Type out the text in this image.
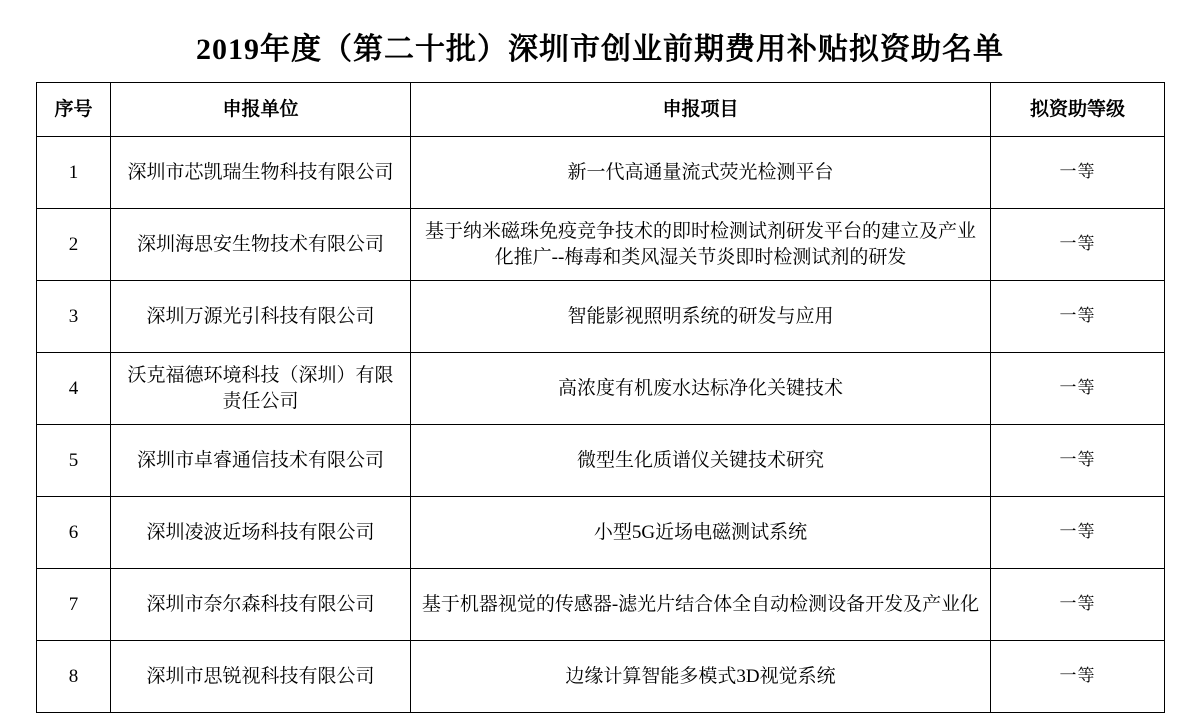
2019年度（第二十批）深圳市创业前期费用补贴拟资助名单
序号	申报单位	申报项目	拟资助等级
1	深圳市芯凯瑞生物科技有限公司	新一代高通量流式荧光检测平台	一等
2	深圳海思安生物技术有限公司	基于纳米磁珠免疫竞争技术的即时检测试剂研发平台的建立及产业化推广--梅毒和类风湿关节炎即时检测试剂的研发	一等
3	深圳万源光引科技有限公司	智能影视照明系统的研发与应用	一等
4	沃克福德环境科技（深圳）有限责任公司	高浓度有机废水达标净化关键技术	一等
5	深圳市卓睿通信技术有限公司	微型生化质谱仪关键技术研究	一等
6	深圳凌波近场科技有限公司	小型5G近场电磁测试系统	一等
7	深圳市奈尔森科技有限公司	基于机器视觉的传感器-滤光片结合体全自动检测设备开发及产业化	一等
8	深圳市思锐视科技有限公司	边缘计算智能多模式3D视觉系统	一等
